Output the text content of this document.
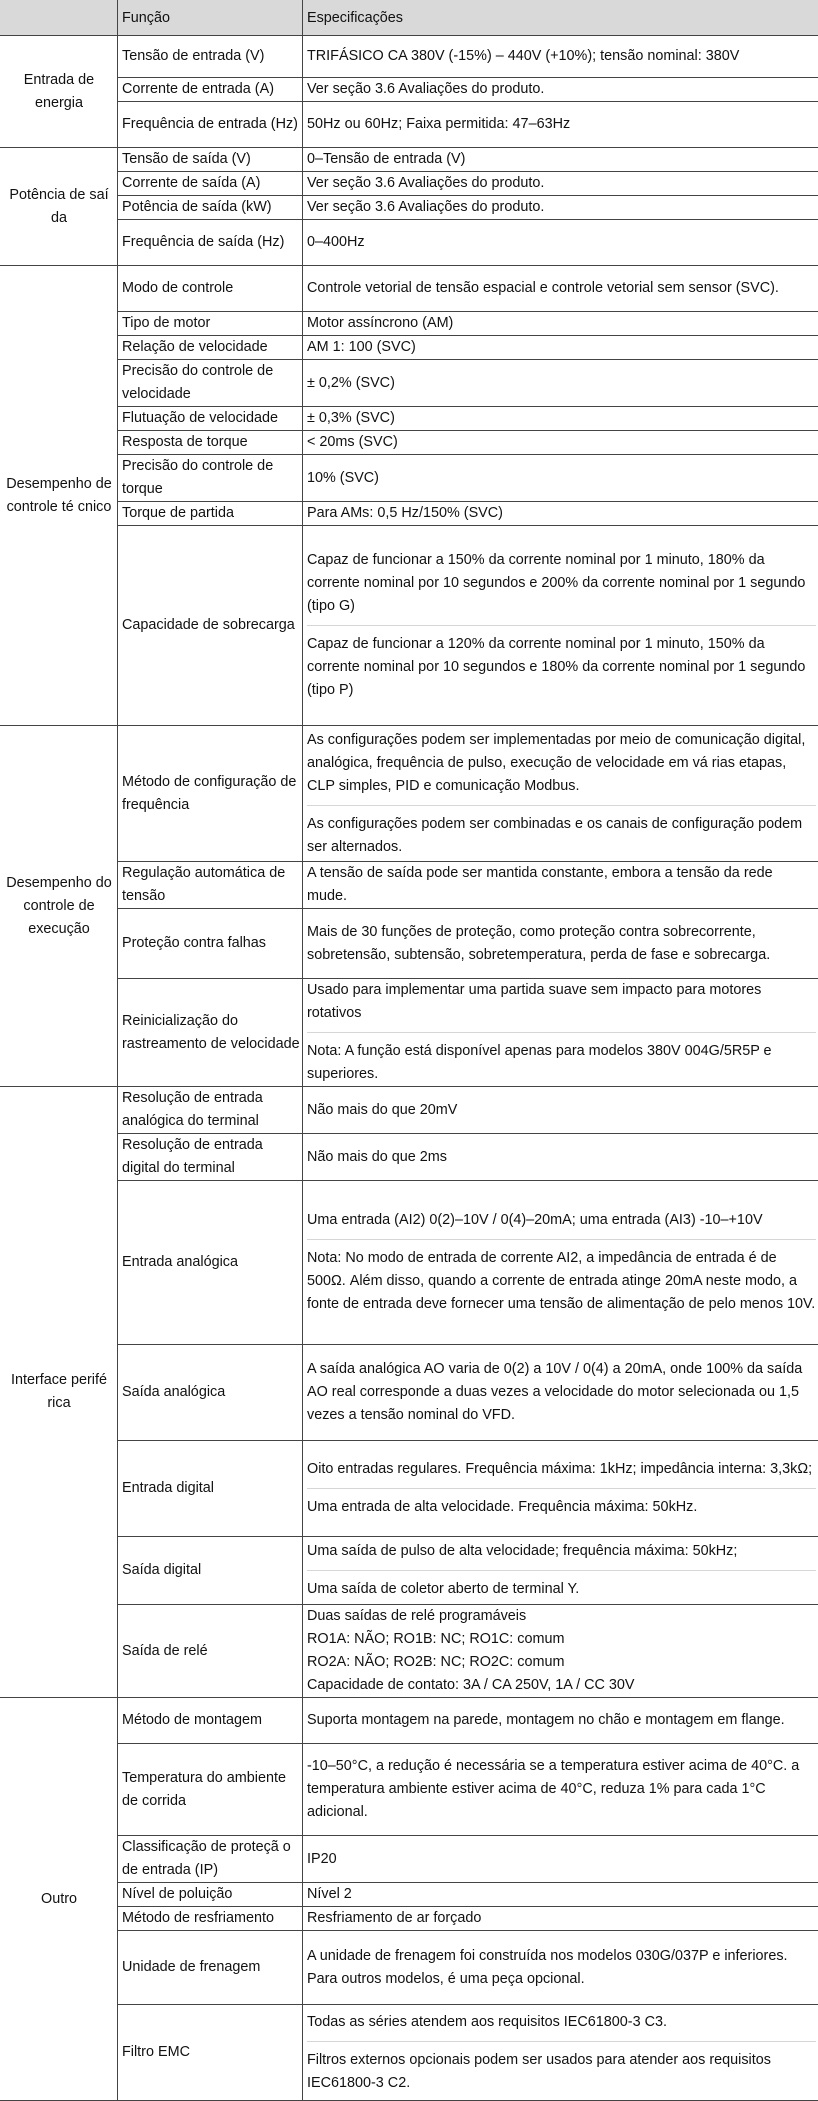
	Função	Especificações
Entrada de energia	Tensão de entrada (V)	TRIFÁSICO CA 380V (-15%) – 440V (+10%); tensão nominal: 380V

	Corrente de entrada (A)	Ver seção 3.6 Avaliações do produto.

	Frequência de entrada (Hz)	50Hz ou 60Hz; Faixa permitida: 47–63Hz

Potência de saí da	Tensão de saída (V)	0–Tensão de entrada (V)

	Corrente de saída (A)	Ver seção 3.6 Avaliações do produto.

	Potência de saída (kW)	Ver seção 3.6 Avaliações do produto.

	Frequência de saída (Hz)	0–400Hz

Desempenho de controle té cnico	Modo de controle	Controle vetorial de tensão espacial e controle vetorial sem sensor (SVC).

	Tipo de motor	Motor assíncrono (AM)

	Relação de velocidade	AM 1: 100 (SVC)

	Precisão do controle de velocidade	± 0,2% (SVC)

	Flutuação de velocidade	± 0,3% (SVC)

	Resposta de torque	< 20ms (SVC)

	Precisão do controle de torque	10% (SVC)

	Torque de partida	Para AMs: 0,5 Hz/150% (SVC)

	Capacidade de sobrecarga	Capaz de funcionar a 150% da corrente nominal por 1 minuto, 180% da corrente nominal por 10 segundos e 200% da corrente nominal por 1 segundo (tipo G)
Capaz de funcionar a 120% da corrente nominal por 1 minuto, 150% da corrente nominal por 10 segundos e 180% da corrente nominal por 1 segundo (tipo P)

Desempenho do controle de execução	Método de configuração de frequência	As configurações podem ser implementadas por meio de comunicação digital, analógica, frequência de pulso, execução de velocidade em vá rias etapas, CLP simples, PID e comunicação Modbus.
As configurações podem ser combinadas e os canais de configuração podem ser alternados.

	Regulação automática de tensão	A tensão de saída pode ser mantida constante, embora a tensão da rede mude.

	Proteção contra falhas	Mais de 30 funções de proteção, como proteção contra sobrecorrente, sobretensão, subtensão, sobretemperatura, perda de fase e sobrecarga.

	Reinicialização do rastreamento de velocidade	Usado para implementar uma partida suave sem impacto para motores rotativos
Nota: A função está disponível apenas para modelos 380V 004G/5R5P e superiores.

Interface perifé rica	Resolução de entrada analógica do terminal	Não mais do que 20mV

	Resolução de entrada digital do terminal	Não mais do que 2ms

	Entrada analógica	Uma entrada (AI2) 0(2)–10V / 0(4)–20mA; uma entrada (AI3) -10–+10V
Nota: No modo de entrada de corrente AI2, a impedância de entrada é de 500Ω. Além disso, quando a corrente de entrada atinge 20mA neste modo, a fonte de entrada deve fornecer uma tensão de alimentação de pelo menos 10V.

	Saída analógica	A saída analógica AO varia de 0(2) a 10V / 0(4) a 20mA, onde 100% da saída AO real corresponde a duas vezes a velocidade do motor selecionada ou 1,5 vezes a tensão nominal do VFD.

	Entrada digital	Oito entradas regulares. Frequência máxima: 1kHz; impedância interna: 3,3kΩ;
Uma entrada de alta velocidade. Frequência máxima: 50kHz.

	Saída digital	Uma saída de pulso de alta velocidade; frequência máxima: 50kHz;
Uma saída de coletor aberto de terminal Y.

	Saída de relé	Duas saídas de relé programáveis
RO1A: NÃO; RO1B: NC; RO1C: comum
RO2A: NÃO; RO2B: NC; RO2C: comum
Capacidade de contato: 3A / CA 250V, 1A / CC 30V

Outro	Método de montagem	Suporta montagem na parede, montagem no chão e montagem em flange.

	Temperatura do ambiente de corrida	-10–50°C, a redução é necessária se a temperatura estiver acima de 40°C. a temperatura ambiente estiver acima de 40°C, reduza 1% para cada 1°C adicional.

	Classificação de proteçã o de entrada (IP)	IP20

	Nível de poluição	Nível 2

	Método de resfriamento	Resfriamento de ar forçado

	Unidade de frenagem	A unidade de frenagem foi construída nos modelos 030G/037P e inferiores. Para outros modelos, é uma peça opcional.

	Filtro EMC	Todas as séries atendem aos requisitos IEC61800-3 C3.
Filtros externos opcionais podem ser usados para atender aos requisitos IEC61800-3 C2.
